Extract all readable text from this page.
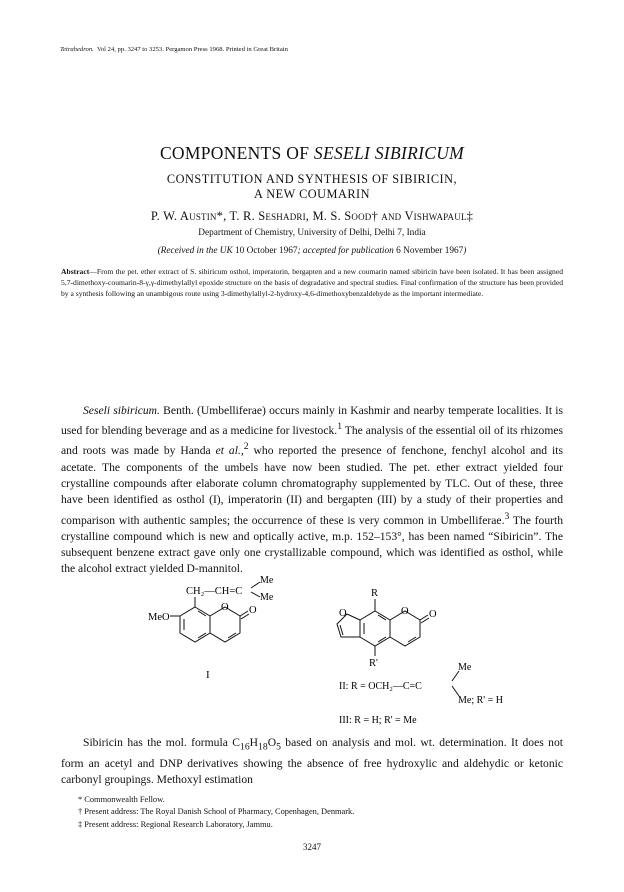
Tetrahedron. Vol 24, pp. 3247 to 3253. Pergamon Press 1968. Printed in Great Britain
COMPONENTS OF SESELI SIBIRICUM
CONSTITUTION AND SYNTHESIS OF SIBIRICIN,
A NEW COUMARIN
P. W. Austin*, T. R. Seshadri, M. S. Sood† and Vishwapaul‡
Department of Chemistry, University of Delhi, Delhi 7, India
(Received in the UK 10 October 1967; accepted for publication 6 November 1967)
Abstract—From the pet. ether extract of S. sibiricum osthol, imperatorin, bergapten and a new coumarin named sibiricin have been isolated. It has been assigned 5,7-dimethoxy-coumarin-8-γ,γ-dimethylallyl epoxide structure on the basis of degradative and spectral studies. Final confirmation of the structure has been provided by a synthesis following an unambigous route using 3-dimethylallyl-2-hydroxy-4,6-dimethoxybenzaldehyde as the important intermediate.

Seseli sibiricum. Benth. (Umbelliferae) occurs mainly in Kashmir and nearby temperate localities. It is used for blending beverage and as a medicine for livestock.$^1$ The analysis of the essential oil of its rhizomes and roots was made by Handa et al.,$^2$ who reported the presence of fenchone, fenchyl alcohol and its acetate. The components of the umbels have now been studied. The pet. ether extract yielded four crystalline compounds after elaborate column chromatography supplemented by TLC. Out of these, three have been identified as osthol (I), imperatorin (II) and bergapten (III) by a study of their properties and comparison with authentic samples; the occurrence of these is very common in Umbelliferae.$^3$ The fourth crystalline compound which is new and optically active, m.p. 152–153°, has been named “Sibiricin”. The subsequent benzene extract gave only one crystallizable compound, which was identified as osthol, while the alcohol extract yielded D-mannitol.

CH₂—CH=C
Me
Me
MeO
O O
I
R
O	O O
R'	Me
II: R = OCH₂—C=C
Me; R' = H
III: R = H; R' = Me

Sibiricin has the mol. formula $C_{16}H_{18}O_5$ based on analysis and mol. wt. determination. It does not form an acetyl and DNP derivatives showing the absence of free hydroxylic and aldehydic or ketonic carbonyl groupings. Methoxyl estimation

* Commonwealth Fellow.
† Present address: The Royal Danish School of Pharmacy, Copenhagen, Denmark.
‡ Present address: Regional Research Laboratory, Jammu.
3247
